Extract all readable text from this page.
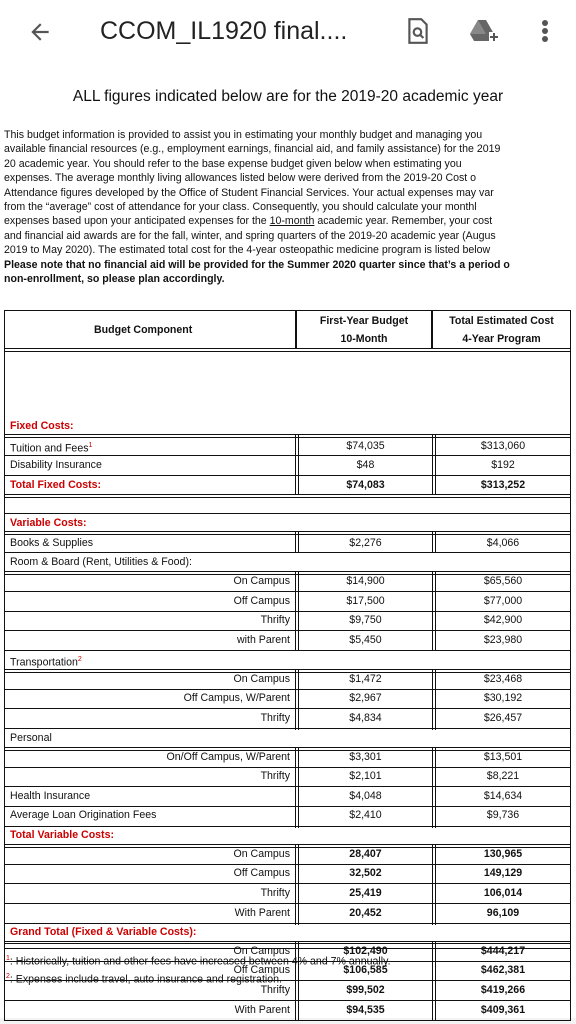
CCOM_IL1920 final....
ALL figures indicated below are for the 2019-20 academic year
This budget information is provided to assist you in estimating your monthly budget and managing you
available financial resources (e.g., employment earnings, financial aid, and family assistance) for the 2019
20 academic year. You should refer to the base expense budget given below when estimating you
expenses. The average monthly living allowances listed below were derived from the 2019-20 Cost o
Attendance figures developed by the Office of Student Financial Services. Your actual expenses may var
from the “average” cost of attendance for your class. Consequently, you should calculate your monthl
expenses based upon your anticipated expenses for the 10-month academic year. Remember, your cost
and financial aid awards are for the fall, winter, and spring quarters of the 2019-20 academic year (Augus
2019 to May 2020). The estimated total cost for the 4-year osteopathic medicine program is listed below
Please note that no financial aid will be provided for the Summer 2020 quarter since that’s a period o
non-enrollment, so please plan accordingly.
Budget Component
First-Year Budget
10-Month
Total Estimated Cost
4-Year Program
Fixed Costs:
Tuition and Fees$^1$	$74,035	$313,060
Disability Insurance	$48	$192
Total Fixed Costs:	$74,083	$313,252
Variable Costs:
Books & Supplies	$2,276	$4,066
Room & Board (Rent, Utilities & Food):
On Campus	$14,900	$65,560
Off Campus	$17,500	$77,000
Thrifty	$9,750	$42,900
with Parent	$5,450	$23,980
Transportation$^2$
On Campus	$1,472	$23,468
Off Campus, W/Parent	$2,967	$30,192
Thrifty	$4,834	$26,457
Personal
On/Off Campus, W/Parent	$3,301	$13,501
Thrifty	$2,101	$8,221
Health Insurance	$4,048	$14,634
Average Loan Origination Fees	$2,410	$9,736
Total Variable Costs:
On Campus	28,407	130,965
Off Campus	32,502	149,129
Thrifty	25,419	106,014
With Parent	20,452	96,109
Grand Total (Fixed & Variable Costs):
On Campus	$102,490	$444,217
Off Campus	$106,585	$462,381
Thrifty	$99,502	$419,266
With Parent	$94,535	$409,361
$^1$: Historically, tuition and other fees have increased between 4% and 7% annually.
$^2$: Expenses include travel, auto insurance and registration.
